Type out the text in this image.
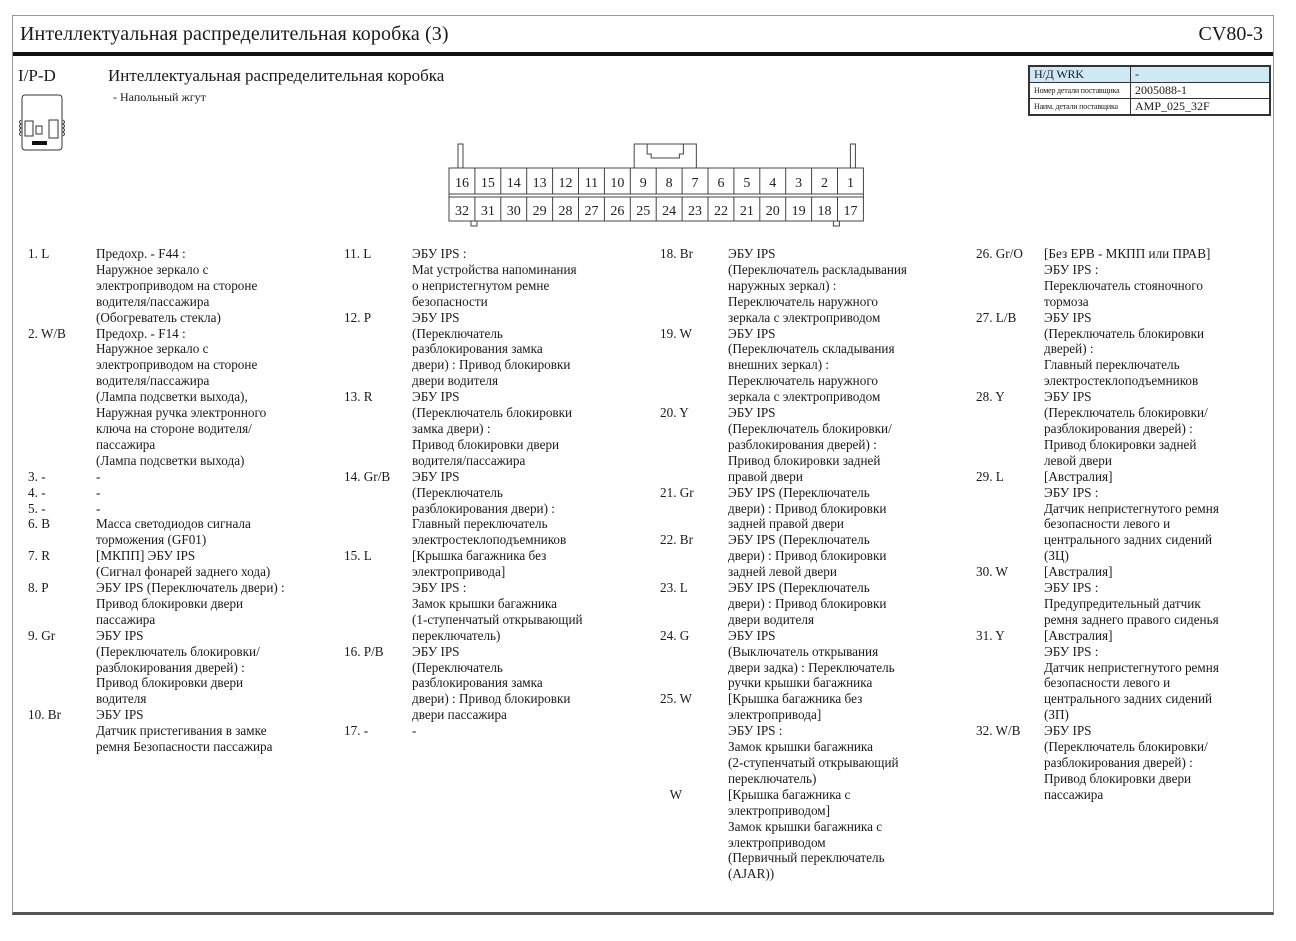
Интеллектуальная распределительная коробка (3)	CV80-3
I/P-D	Интеллектуальная распределительная коробка
- Напольный жгут
Н/Д WRK	-
Номер детали поставщика	2005088-1
Наим. детали поставщика	AMP_025_32F
16
32
15
31
14
30
13
29
12
28
11
27
10
26
9
25
8
24
7
23
6
22
5
21
4
20
3
19
2
18
1
17
1. L	Предохр. - F44 :
Наружное зеркало с
электроприводом на стороне
водителя/пассажира
(Обогреватель стекла)
2. W/B	Предохр. - F14 :
Наружное зеркало с
электроприводом на стороне
водителя/пассажира
(Лампа подсветки выхода),
Наружная ручка электронного
ключа на стороне водителя/
пассажира
(Лампа подсветки выхода)
3. -	-
4. -	-
5. -	-
6. B	Масса светодиодов сигнала
торможения (GF01)
7. R	[МКПП] ЭБУ IPS
(Сигнал фонарей заднего хода)
8. P	ЭБУ IPS (Переключатель двери) :
Привод блокировки двери
пассажира
9. Gr	ЭБУ IPS
(Переключатель блокировки/
разблокирования дверей) :
Привод блокировки двери
водителя
10. Br	ЭБУ IPS
Датчик пристегивания в замке
ремня Безопасности пассажира
11. L	ЭБУ IPS :
Mat устройства напоминания
о непристегнутом ремне
безопасности
12. P	ЭБУ IPS
(Переключатель
разблокирования замка
двери) : Привод блокировки
двери водителя
13. R	ЭБУ IPS
(Переключатель блокировки
замка двери) :
Привод блокировки двери
водителя/пассажира
14. Gr/B	ЭБУ IPS
(Переключатель
разблокирования двери) :
Главный переключатель
электростеклоподъемников
15. L	[Крышка багажника без
электропривода]
ЭБУ IPS :
Замок крышки багажника
(1-ступенчатый открывающий
переключатель)
16. P/B	ЭБУ IPS
(Переключатель
разблокирования замка
двери) : Привод блокировки
двери пассажира
17. -	-
18. Br	ЭБУ IPS
(Переключатель раскладывания
наружных зеркал) :
Переключатель наружного
зеркала с электроприводом
19. W	ЭБУ IPS
(Переключатель складывания
внешних зеркал) :
Переключатель наружного
зеркала с электроприводом
20. Y	ЭБУ IPS
(Переключатель блокировки/
разблокирования дверей) :
Привод блокировки задней
правой двери
21. Gr	ЭБУ IPS (Переключатель
двери) : Привод блокировки
задней правой двери
22. Br	ЭБУ IPS (Переключатель
двери) : Привод блокировки
задней левой двери
23. L	ЭБУ IPS (Переключатель
двери) : Привод блокировки
двери водителя
24. G	ЭБУ IPS
(Выключатель открывания
двери задка) : Переключатель
ручки крышки багажника
25. W	[Крышка багажника без
электропривода]
ЭБУ IPS :
Замок крышки багажника
(2-ступенчатый открывающий
переключатель)
W	[Крышка багажника с
электроприводом]
Замок крышки багажника с
электроприводом
(Первичный переключатель
(AJAR))
26. Gr/O	[Без EPB - МКПП или ПРАВ]
ЭБУ IPS :
Переключатель стояночного
тормоза
27. L/B	ЭБУ IPS
(Переключатель блокировки
дверей) :
Главный переключатель
электростеклоподъемников
28. Y	ЭБУ IPS
(Переключатель блокировки/
разблокирования дверей) :
Привод блокировки задней
левой двери
29. L	[Австралия]
ЭБУ IPS :
Датчик непристегнутого ремня
безопасности левого и
центрального задних сидений
(ЗЦ)
30. W	[Австралия]
ЭБУ IPS :
Предупредительный датчик
ремня заднего правого сиденья
31. Y	[Австралия]
ЭБУ IPS :
Датчик непристегнутого ремня
безопасности левого и
центрального задних сидений
(ЗП)
32. W/B	ЭБУ IPS
(Переключатель блокировки/
разблокирования дверей) :
Привод блокировки двери
пассажира
